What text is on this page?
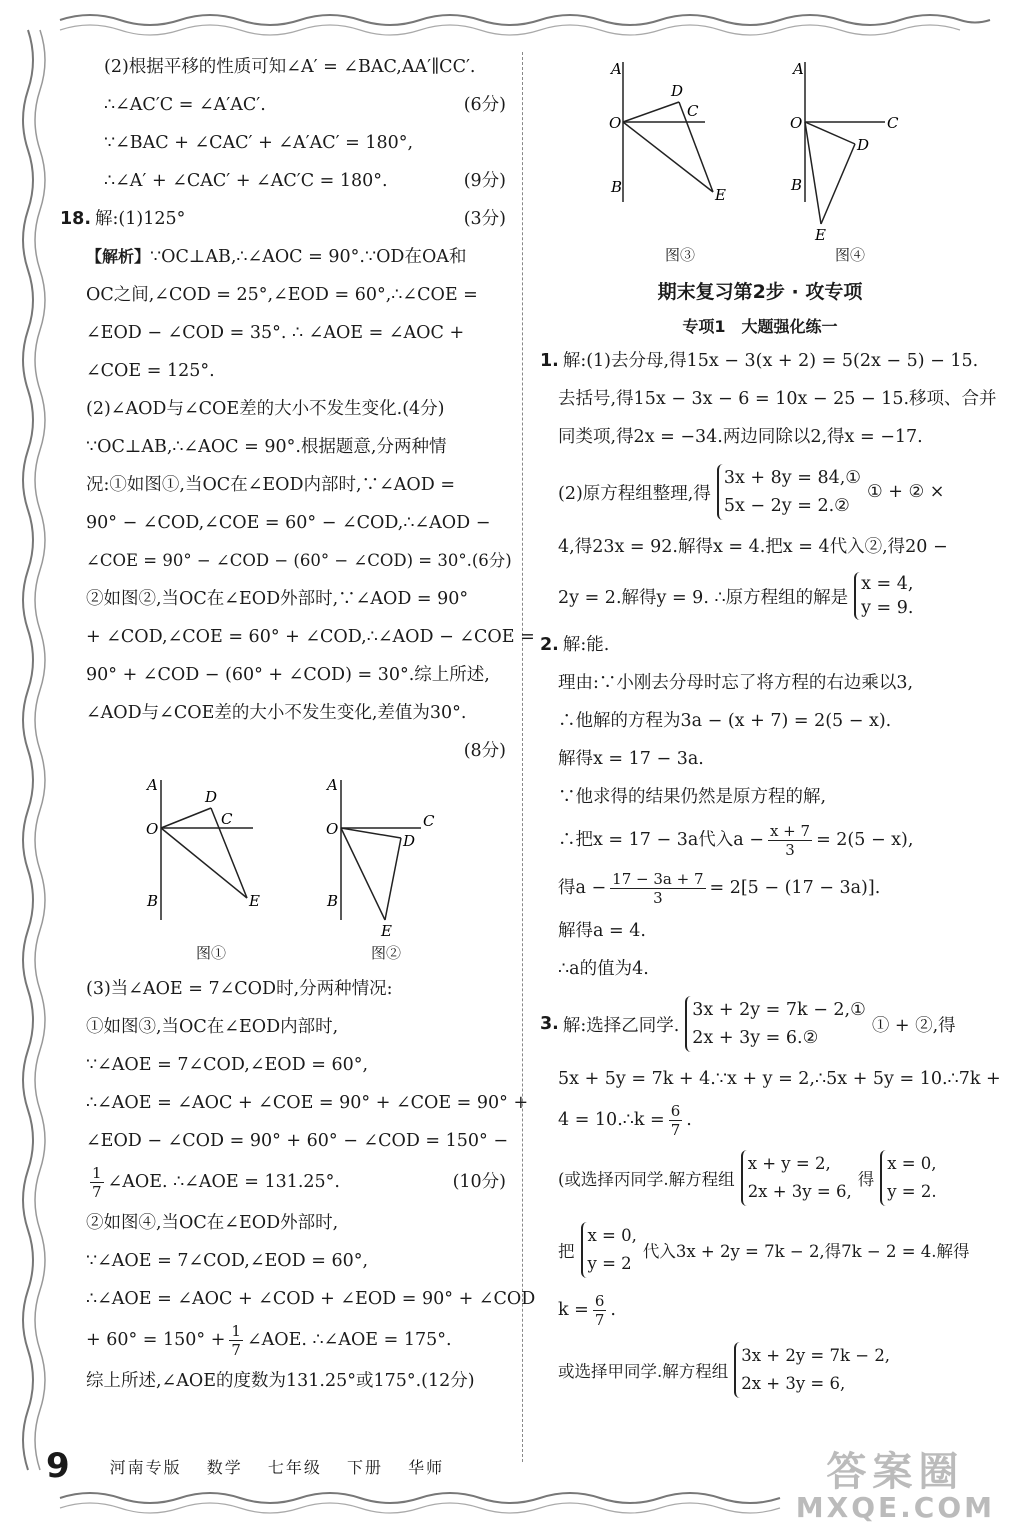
(2)根据平移的性质可知∠A′ = ∠BAC,AA′∥CC′.
∴∠AC′C = ∠A′AC′.	(6分)
∵∠BAC + ∠CAC′ + ∠A′AC′ = 180°,
∴∠A′ + ∠CAC′ + ∠AC′C = 180°.	(9分)
18. 解:(1)125°	(3分)
【解析】 ∵OC⊥AB,∴∠AOC = 90°.∵OD在OA和
OC之间,∠COD = 25°,∠EOD = 60°,∴∠COE =
∠EOD − ∠COD = 35°. ∴ ∠AOE = ∠AOC +
∠COE = 125°.
(2)∠AOD与∠COE差的大小不发生变化.(4分)
∵OC⊥AB,∴∠AOC = 90°.根据题意,分两种情
况:①如图①,当OC在∠EOD内部时,∵∠AOD =
90° − ∠COD,∠COE = 60° − ∠COD,∴∠AOD −
∠COE = 90° − ∠COD − (60° − ∠COD) = 30°.(6分)
②如图②,当OC在∠EOD外部时,∵∠AOD = 90°
+ ∠COD,∠COE = 60° + ∠COD,∴∠AOD − ∠COE =
90° + ∠COD − (60° + ∠COD) = 30°.综上所述,
∠AOD与∠COE差的大小不发生变化,差值为30°.
(8分)
A
O
B
D
C
E
图①
A
O
B
C
D
E
图②
(3)当∠AOE = 7∠COD时,分两种情况:
①如图③,当OC在∠EOD内部时,
∵∠AOE = 7∠COD,∠EOD = 60°,
∴∠AOE = ∠AOC + ∠COE = 90° + ∠COE = 90° +
∠EOD − ∠COD = 90° + 60° − ∠COD = 150° −
$\frac{1}{7}$ ∠AOE. ∴∠AOE = 131.25°.	(10分)
②如图④,当OC在∠EOD外部时,
∵∠AOE = 7∠COD,∠EOD = 60°,
∴∠AOE = ∠AOC + ∠COD + ∠EOD = 90° + ∠COD
+ $60^\circ = 150^\circ + \frac{1}{7}$ ∠AOE. ∴∠AOE = 175°.
综上所述,∠AOE的度数为131.25°或175°.(12分)
A
O
B
D
C
E
图③
A
O	C
D
B
E
图④
期末复习第2步 · 攻专项
专项1　大题强化练一
1. 解:(1)去分母,得15x − 3(x + 2) = 5(2x − 5) − 15.
去括号,得15x − 3x − 6 = 10x − 25 − 15.移项、合并
同类项,得2x = −34.两边同除以2,得x = −17.
(2)原方程组整理,得
3x + 8y = 84,①
5x − 2y = 2.②
① + ② ×
4,得23x = 92.解得x = 4.把x = 4代入②,得20 −
2y = 2.解得y = 9. ∴原方程组的解是
x = 4,
y = 9.
2. 解:能.
理由:∵小刚去分母时忘了将方程的右边乘以3,
∴他解的方程为3a − (x + 7) = 2(5 − x).
解得x = 17 − 3a.
∵他求得的结果仍然是原方程的解,
∴把x = 17 − 3a代入$a - \frac{x + 7}{3} = 2(5 - x)$,
得$a - \frac{17 - 3a + 7}{3} = 2[5 - (17 - 3a)]$.
解得a = 4.
∴a的值为4.
3. 解:选择乙同学.
3x + 2y = 7k − 2,①
2x + 3y = 6.②
① + ②,得
5x + 5y = 7k + 4.∵x + y = 2,∴5x + 5y = 10.∴7k +
4 = 10.∴k = $\frac{6}{7}$ .
(或选择丙同学.解方程组
x + y = 2,
2x + 3y = 6,
得
x = 0,
y = 2.
把
x = 0,
y = 2
代入3x + 2y = 7k − 2,得7k − 2 = 4.解得
$k = \frac{6}{7}$ .
或选择甲同学.解方程组
3x + 2y = 7k − 2,
2x + 3y = 6,
9	河南专版 数学 七年级 下册 华师	答案圈
MXQE.COM
